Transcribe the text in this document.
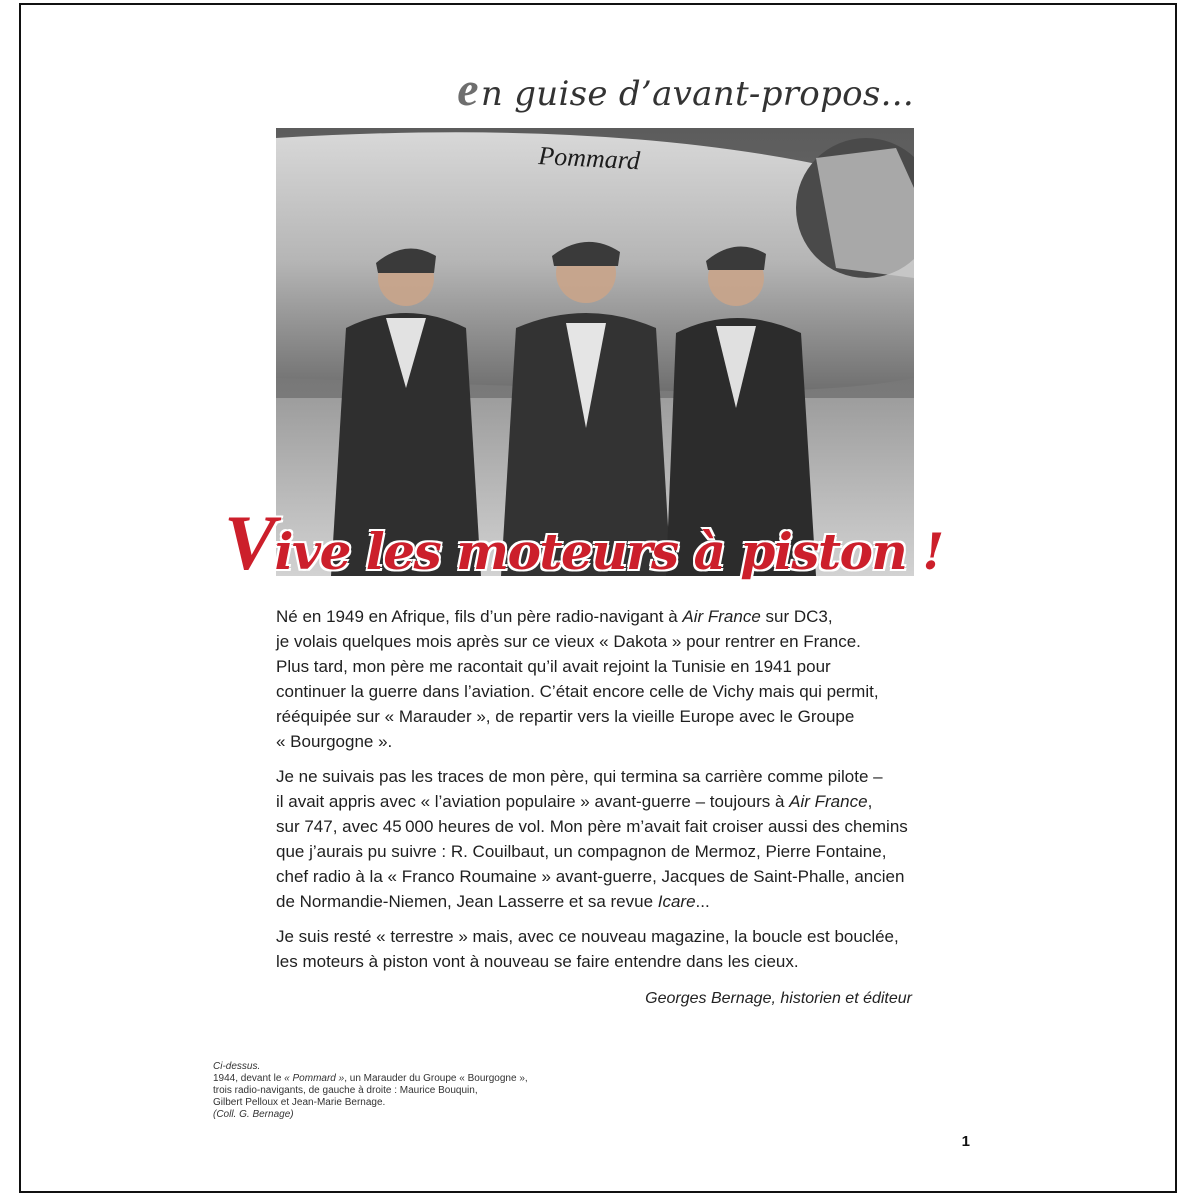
en guise d’avant-propos...
Pommard
Vive les moteurs à piston !
Né en 1949 en Afrique, fils d’un père radio-navigant à Air France sur DC3,
je volais quelques mois après sur ce vieux « Dakota » pour rentrer en France.
Plus tard, mon père me racontait qu’il avait rejoint la Tunisie en 1941 pour
continuer la guerre dans l’aviation. C’était encore celle de Vichy mais qui permit,
rééquipée sur « Marauder », de repartir vers la vieille Europe avec le Groupe
« Bourgogne ».
Je ne suivais pas les traces de mon père, qui termina sa carrière comme pilote –
il avait appris avec « l’aviation populaire » avant-guerre – toujours à Air France,
sur 747, avec 45 000 heures de vol. Mon père m’avait fait croiser aussi des chemins
que j’aurais pu suivre : R. Couilbaut, un compagnon de Mermoz, Pierre Fontaine,
chef radio à la « Franco Roumaine » avant-guerre, Jacques de Saint-Phalle, ancien
de Normandie-Niemen, Jean Lasserre et sa revue Icare...
Je suis resté « terrestre » mais, avec ce nouveau magazine, la boucle est bouclée,
les moteurs à piston vont à nouveau se faire entendre dans les cieux.
Georges Bernage, historien et éditeur
Ci-dessus.
1944, devant le « Pommard », un Marauder du Groupe « Bourgogne »,
trois radio-navigants, de gauche à droite : Maurice Bouquin,
Gilbert Pelloux et Jean-Marie Bernage.
(Coll. G. Bernage)
1
